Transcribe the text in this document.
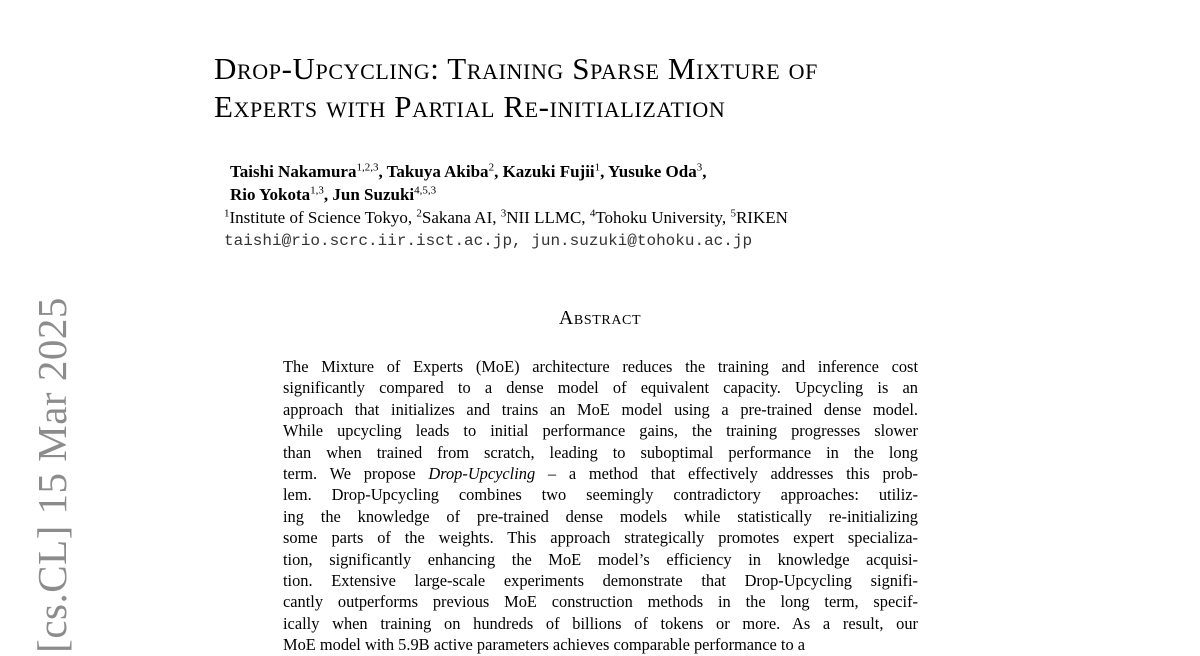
[cs.CL] 15 Mar 2025
Drop-Upcycling: Training Sparse Mixture of
Experts with Partial Re-initialization
Taishi Nakamura$^{1,2,3}$, Takuya Akiba$^2$, Kazuki Fujii$^1$, Yusuke Oda$^3$,
Rio Yokota$^{1,3}$, Jun Suzuki$^{4,5,3}$
$^1$Institute of Science Tokyo, $^2$Sakana AI, $^3$NII LLMC, $^4$Tohoku University, $^5$RIKEN
taishi@rio.scrc.iir.isct.ac.jp, jun.suzuki@tohoku.ac.jp
Abstract
The Mixture of Experts (MoE) architecture reduces the training and inference cost
significantly compared to a dense model of equivalent capacity. Upcycling is an
approach that initializes and trains an MoE model using a pre-trained dense model.
While upcycling leads to initial performance gains, the training progresses slower
than when trained from scratch, leading to suboptimal performance in the long
term. We propose Drop-Upcycling – a method that effectively addresses this prob-
lem. Drop-Upcycling combines two seemingly contradictory approaches: utiliz-
ing the knowledge of pre-trained dense models while statistically re-initializing
some parts of the weights. This approach strategically promotes expert specializa-
tion, significantly enhancing the MoE model’s efficiency in knowledge acquisi-
tion. Extensive large-scale experiments demonstrate that Drop-Upcycling signifi-
cantly outperforms previous MoE construction methods in the long term, specif-
ically when training on hundreds of billions of tokens or more. As a result, our
MoE model with 5.9B active parameters achieves comparable performance to a
